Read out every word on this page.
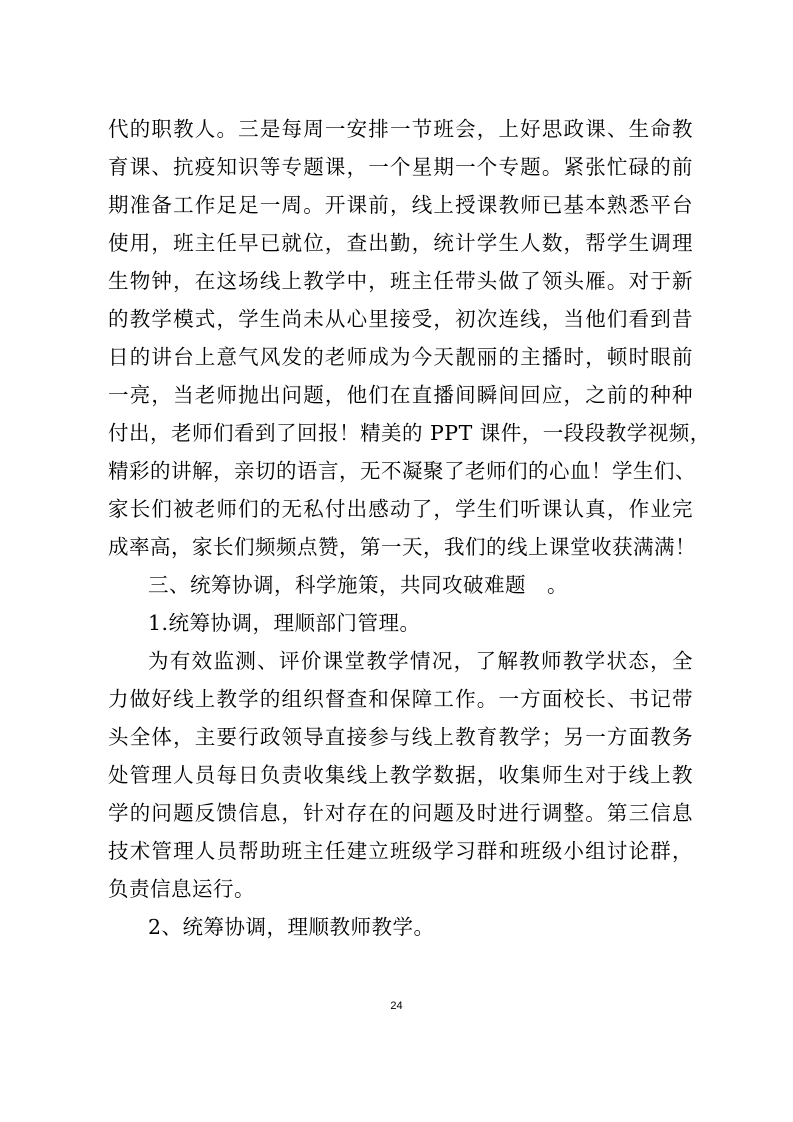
代的职教人。三是每周一安排一节班会，上好思政课、生命教
育课、抗疫知识等专题课，一个星期一个专题。紧张忙碌的前
期准备工作足足一周。开课前，线上授课教师已基本熟悉平台
使用，班主任早已就位，查出勤，统计学生人数，帮学生调理
生物钟，在这场线上教学中，班主任带头做了领头雁。对于新
的教学模式，学生尚未从心里接受，初次连线，当他们看到昔
日的讲台上意气风发的老师成为今天靓丽的主播时，顿时眼前
一亮，当老师抛出问题，他们在直播间瞬间回应，之前的种种
付出，老师们看到了回报！精美的 PPT 课件，一段段教学视频，
精彩的讲解，亲切的语言，无不凝聚了老师们的心血！学生们、
家长们被老师们的无私付出感动了，学生们听课认真，作业完
成率高，家长们频频点赞，第一天，我们的线上课堂收获满满！
三、统筹协调，科学施策，共同攻破难题　。
1.统筹协调，理顺部门管理。
为有效监测、评价课堂教学情况，了解教师教学状态，全
力做好线上教学的组织督查和保障工作。一方面校长、书记带
头全体，主要行政领导直接参与线上教育教学；另一方面教务
处管理人员每日负责收集线上教学数据，收集师生对于线上教
学的问题反馈信息，针对存在的问题及时进行调整。第三信息
技术管理人员帮助班主任建立班级学习群和班级小组讨论群，
负责信息运行。
2、统筹协调，理顺教师教学。
24
